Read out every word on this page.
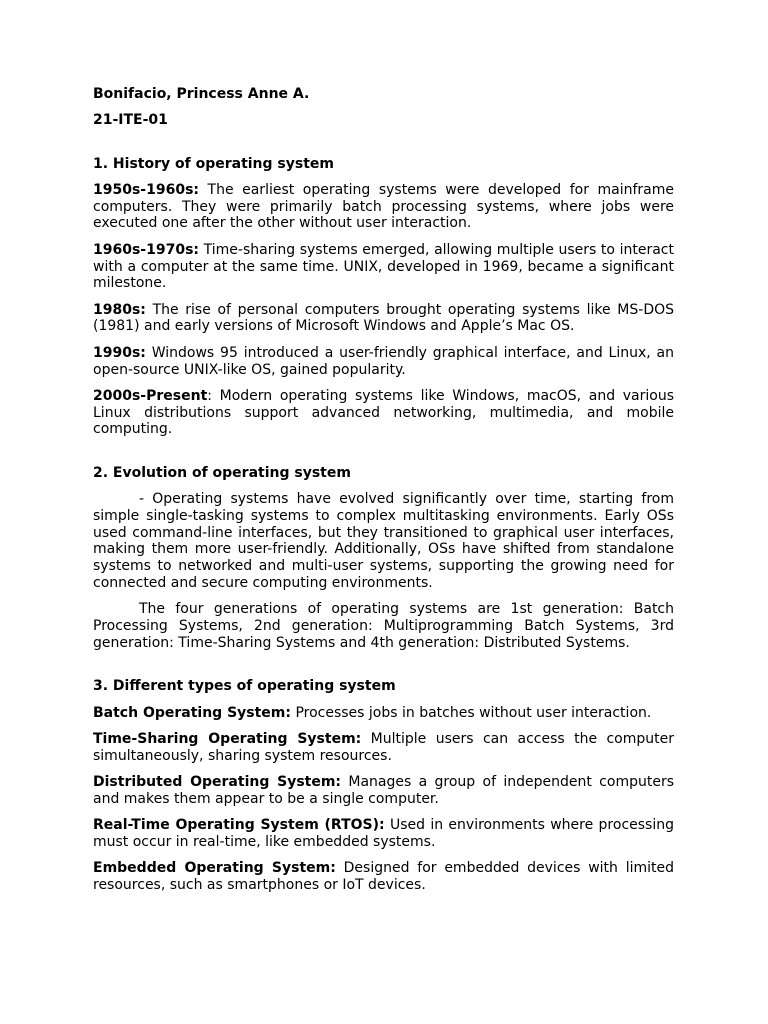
Bonifacio, Princess Anne A.

21-ITE-01

1. History of operating system

1950s-1960s: The earliest operating systems were developed for mainframe computers. They were primarily batch processing systems, where jobs were executed one after the other without user interaction.

1960s-1970s: Time-sharing systems emerged, allowing multiple users to interact with a computer at the same time. UNIX, developed in 1969, became a significant milestone.

1980s: The rise of personal computers brought operating systems like MS-DOS (1981) and early versions of Microsoft Windows and Apple’s Mac OS.

1990s: Windows 95 introduced a user-friendly graphical interface, and Linux, an open-source UNIX-like OS, gained popularity.

2000s-Present: Modern operating systems like Windows, macOS, and various Linux distributions support advanced networking, multimedia, and mobile computing.

2. Evolution of operating system

- Operating systems have evolved significantly over time, starting from simple single-tasking systems to complex multitasking environments. Early OSs used command-line interfaces, but they transitioned to graphical user interfaces, making them more user-friendly. Additionally, OSs have shifted from standalone systems to networked and multi-user systems, supporting the growing need for connected and secure computing environments.

The four generations of operating systems are 1st generation: Batch Processing Systems, 2nd generation: Multiprogramming Batch Systems, 3rd generation: Time-Sharing Systems and 4th generation: Distributed Systems.

3. Different types of operating system

Batch Operating System: Processes jobs in batches without user interaction.

Time-Sharing Operating System: Multiple users can access the computer simultaneously, sharing system resources.

Distributed Operating System: Manages a group of independent computers and makes them appear to be a single computer.

Real-Time Operating System (RTOS): Used in environments where processing must occur in real-time, like embedded systems.

Embedded Operating System: Designed for embedded devices with limited resources, such as smartphones or IoT devices.
